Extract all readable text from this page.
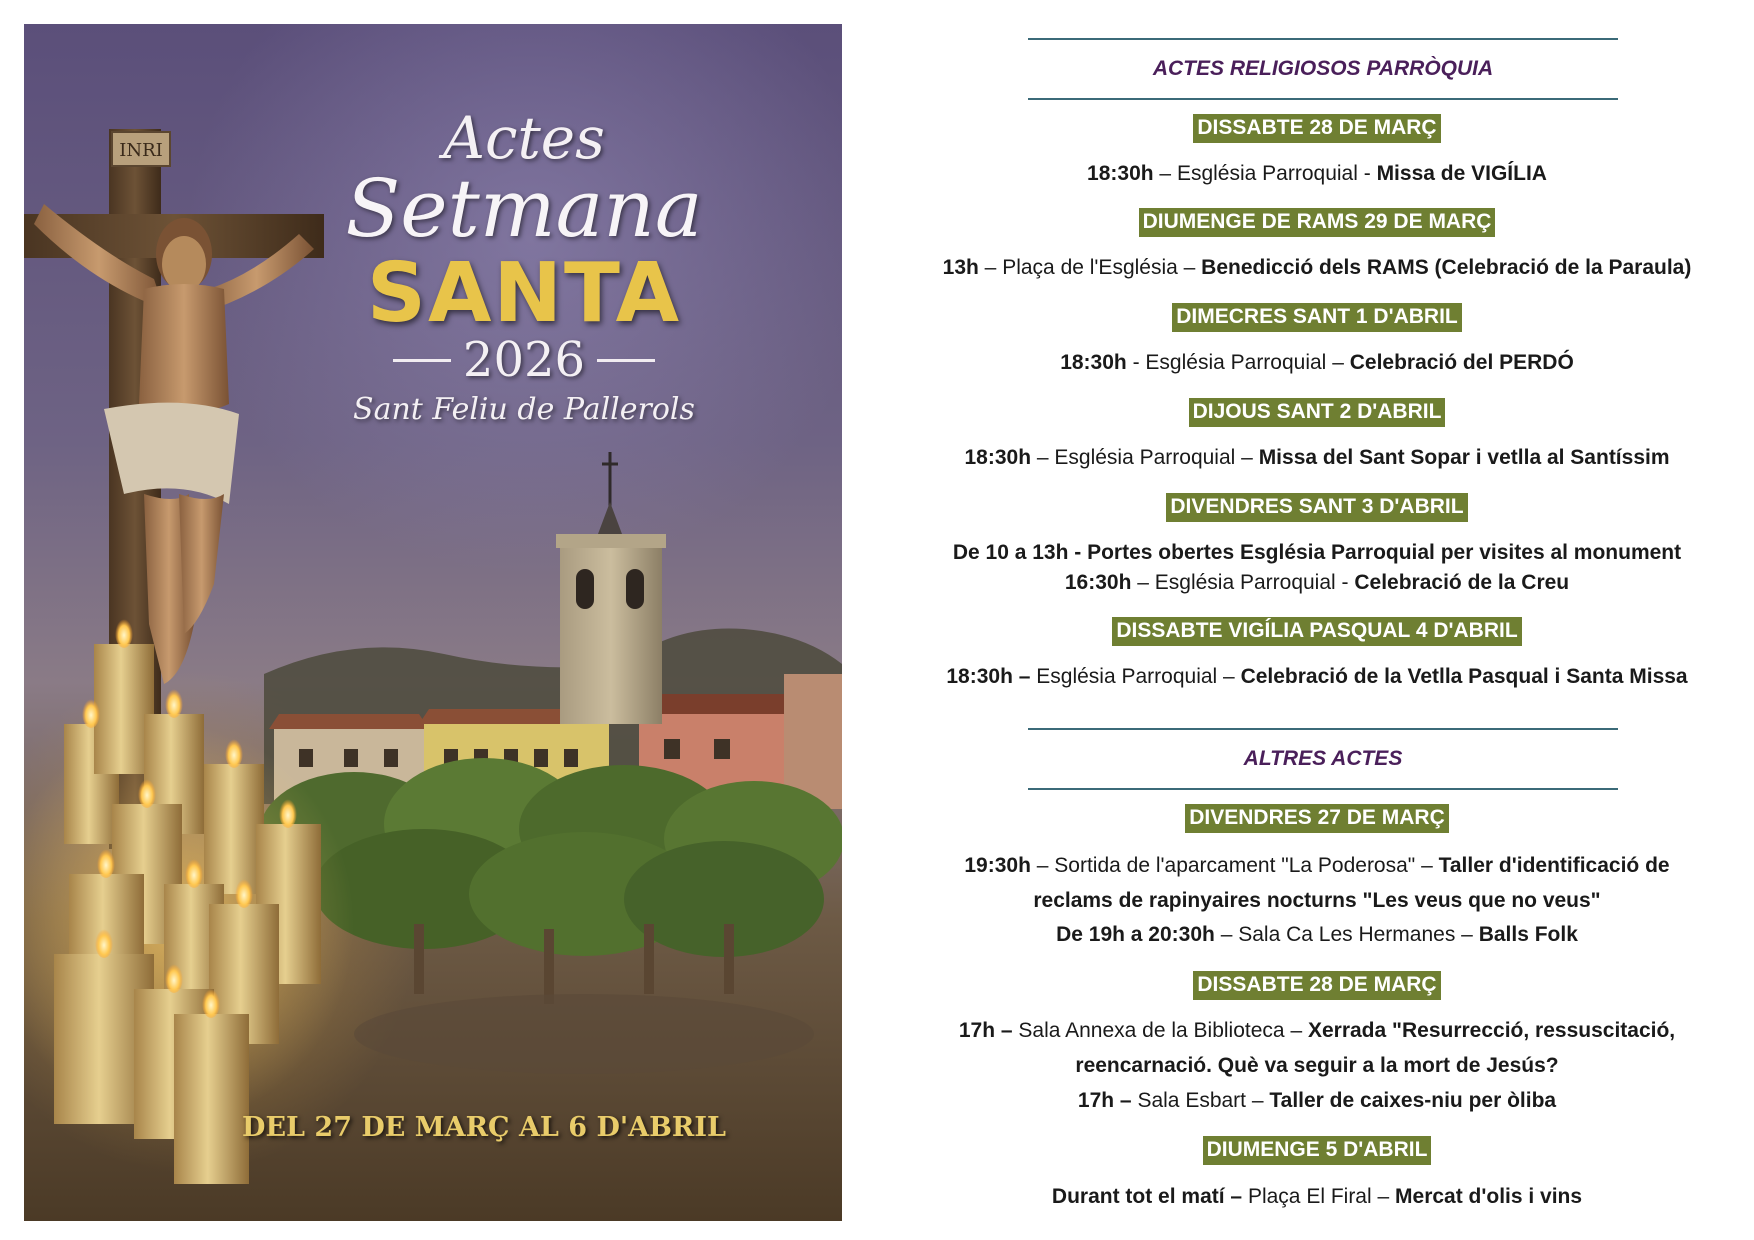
INRI	Actes
Setmana
SANTA
2026
Sant Feliu de Pallerols
DEL 27 DE MARÇ AL 6 D'ABRIL
ACTES RELIGIOSOS PARRÒQUIA
DISSABTE 28 DE MARÇ
18:30h – Església Parroquial - Missa de VIGÍLIA
DIUMENGE DE RAMS 29 DE MARÇ
13h – Plaça de l'Església – Benedicció dels RAMS (Celebració de la Paraula)
DIMECRES SANT 1 D'ABRIL
18:30h - Església Parroquial – Celebració del PERDÓ
DIJOUS SANT 2 D'ABRIL
18:30h – Església Parroquial – Missa del Sant Sopar i vetlla al Santíssim
DIVENDRES SANT 3 D'ABRIL
De 10 a 13h - Portes obertes Església Parroquial per visites al monument
16:30h – Església Parroquial - Celebració de la Creu
DISSABTE VIGÍLIA PASQUAL 4 D'ABRIL
18:30h – Església Parroquial – Celebració de la Vetlla Pasqual i Santa Missa
ALTRES ACTES
DIVENDRES 27 DE MARÇ
19:30h – Sortida de l'aparcament "La Poderosa" – Taller d'identificació de
reclams de rapinyaires nocturns "Les veus que no veus"
De 19h a 20:30h – Sala Ca Les Hermanes – Balls Folk
DISSABTE 28 DE MARÇ
17h – Sala Annexa de la Biblioteca – Xerrada "Resurrecció, ressuscitació,
reencarnació. Què va seguir a la mort de Jesús?
17h – Sala Esbart – Taller de caixes-niu per òliba
DIUMENGE 5 D'ABRIL
Durant tot el matí – Plaça El Firal – Mercat d'olis i vins
